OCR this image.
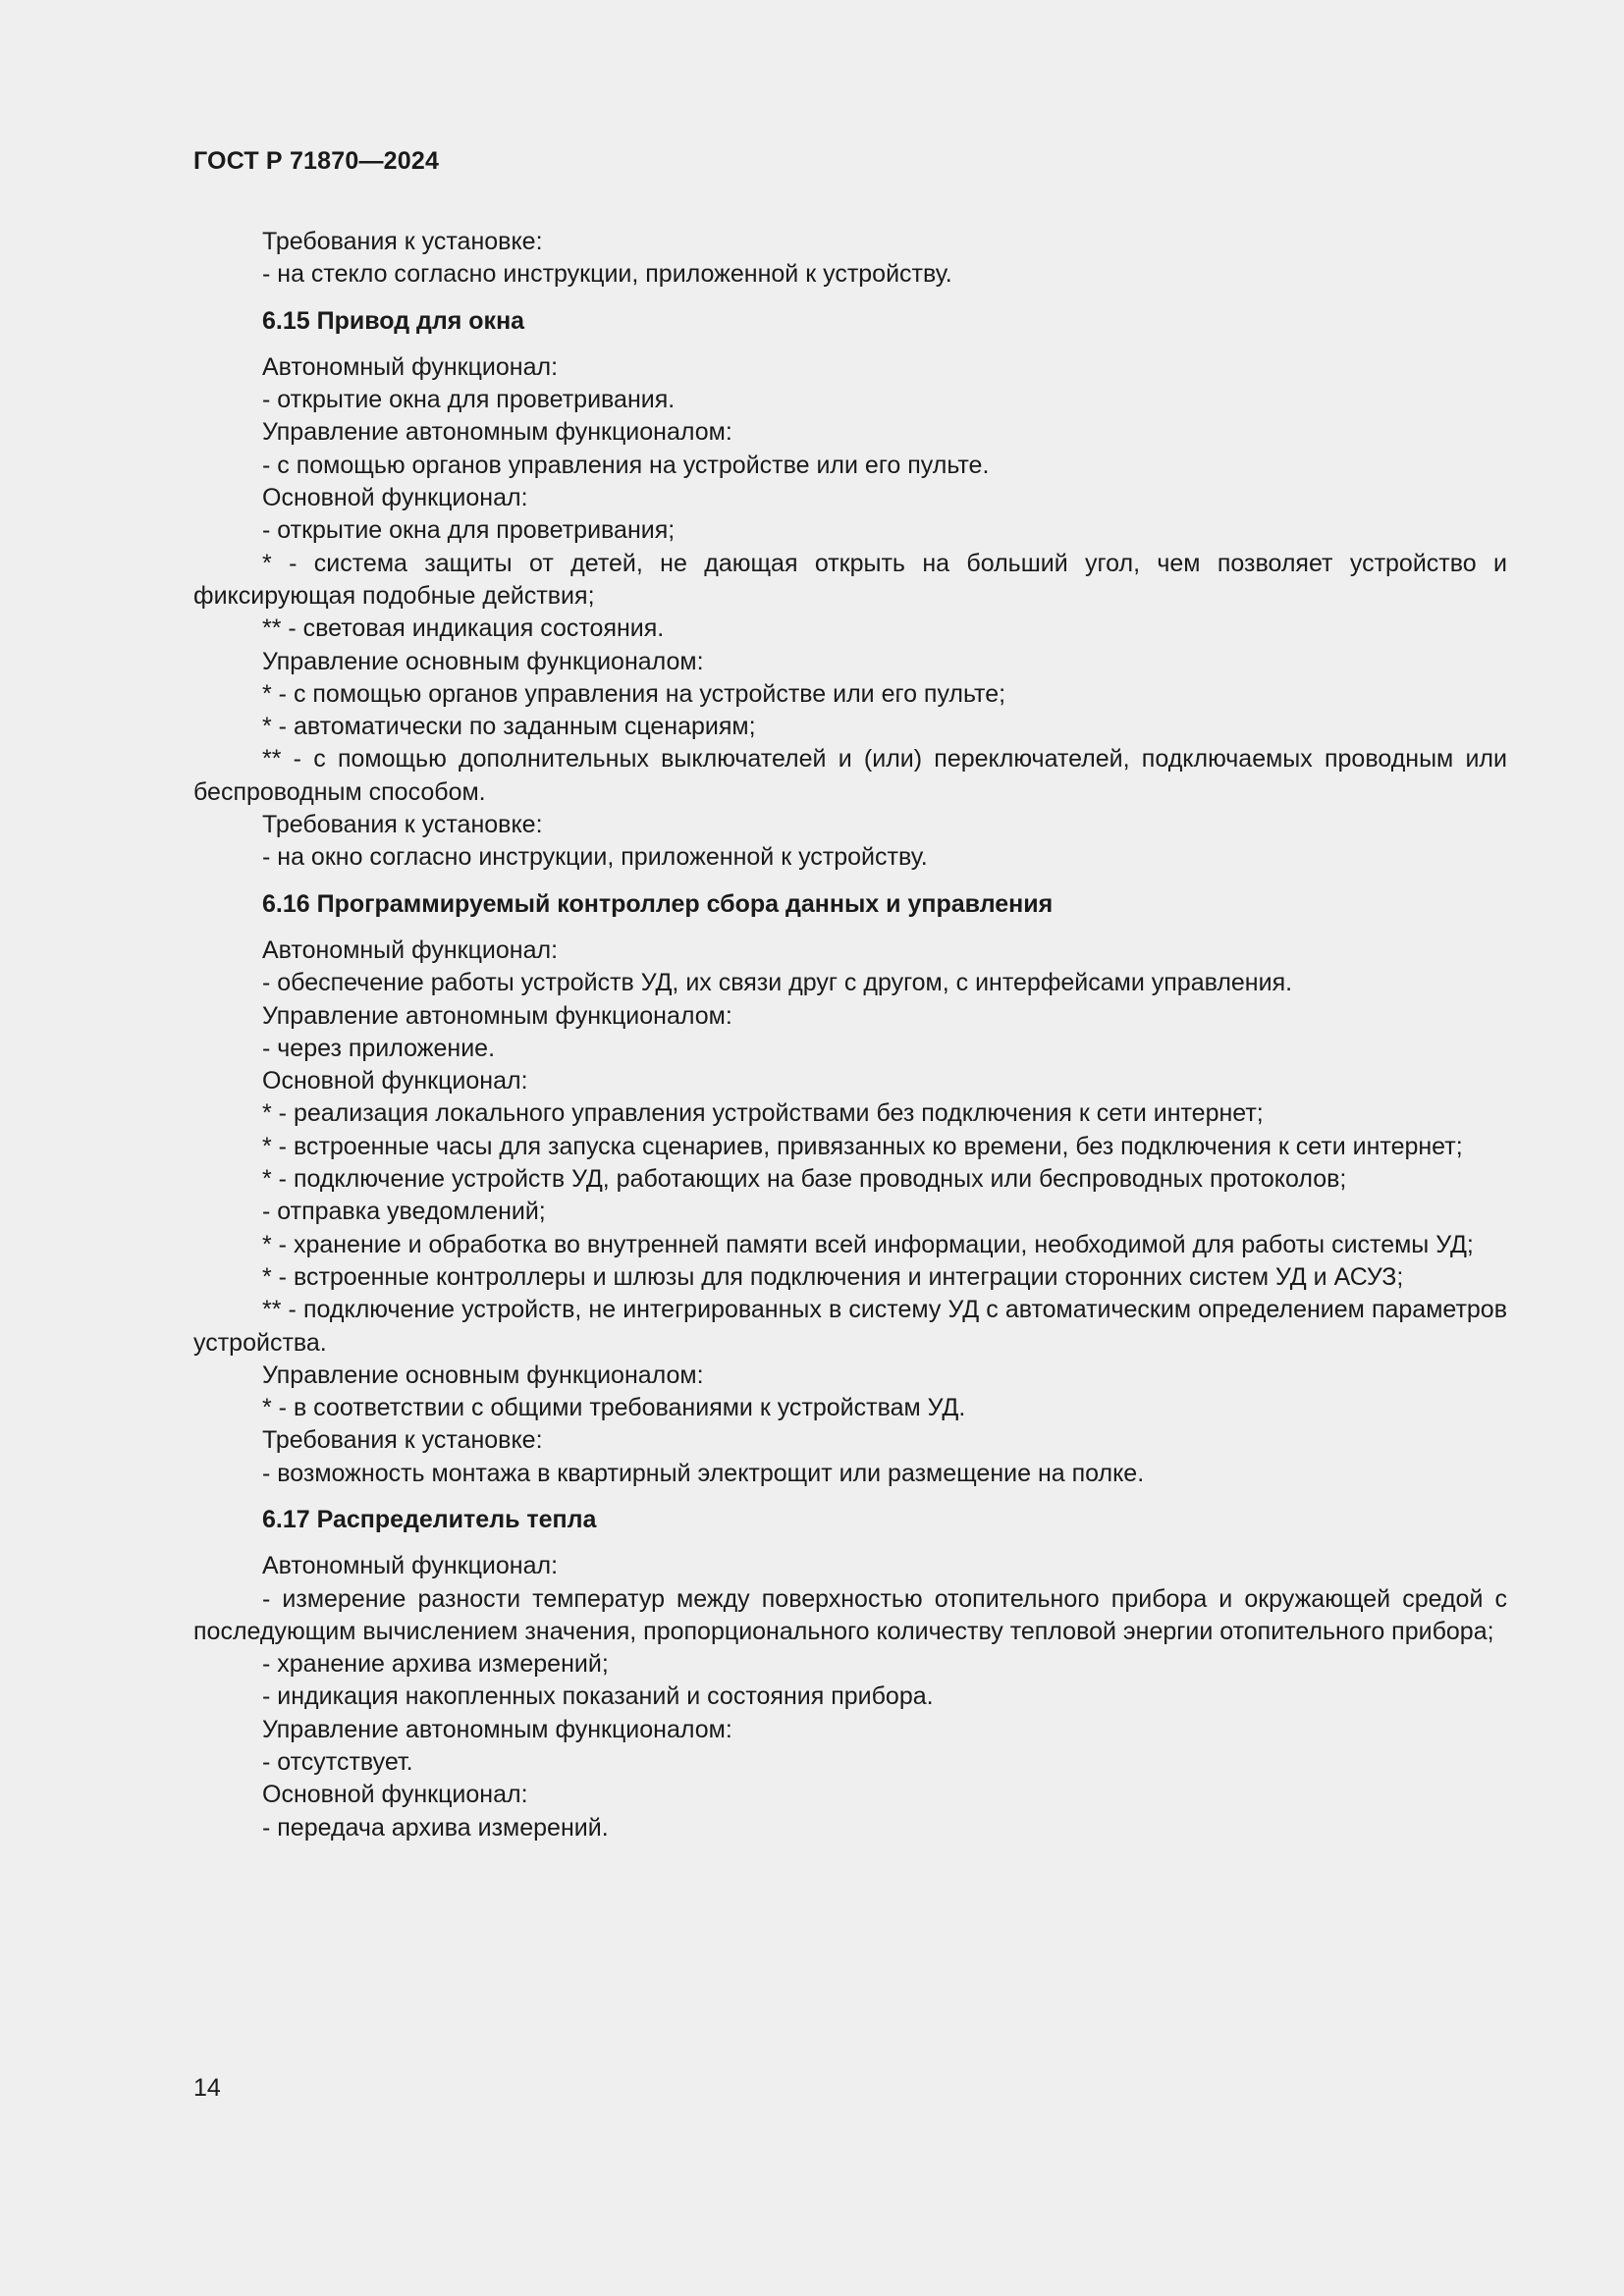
ГОСТ Р 71870—2024

Требования к установке:

- на стекло согласно инструкции, приложенной к устройству.

6.15 Привод для окна

Автономный функционал:

- открытие окна для проветривания.

Управление автономным функционалом:

- с помощью органов управления на устройстве или его пульте.

Основной функционал:

- открытие окна для проветривания;

* - система защиты от детей, не дающая открыть на больший угол, чем позволяет устройство и фиксирующая подобные действия;

** - световая индикация состояния.

Управление основным функционалом:

* - с помощью органов управления на устройстве или его пульте;

* - автоматически по заданным сценариям;

** - с помощью дополнительных выключателей и (или) переключателей, подключаемых проводным или беспроводным способом.

Требования к установке:

- на окно согласно инструкции, приложенной к устройству.

6.16 Программируемый контроллер сбора данных и управления

Автономный функционал:

- обеспечение работы устройств УД, их связи друг с другом, с интерфейсами управления.

Управление автономным функционалом:

- через приложение.

Основной функционал:

* - реализация локального управления устройствами без подключения к сети интернет;

* - встроенные часы для запуска сценариев, привязанных ко времени, без подключения к сети интернет;

* - подключение устройств УД, работающих на базе проводных или беспроводных протоколов;

- отправка уведомлений;

* - хранение и обработка во внутренней памяти всей информации, необходимой для работы системы УД;

* - встроенные контроллеры и шлюзы для подключения и интеграции сторонних систем УД и АСУЗ;

** - подключение устройств, не интегрированных в систему УД с автоматическим определением параметров устройства.

Управление основным функционалом:

* - в соответствии с общими требованиями к устройствам УД.

Требования к установке:

- возможность монтажа в квартирный электрощит или размещение на полке.

6.17 Распределитель тепла

Автономный функционал:

- измерение разности температур между поверхностью отопительного прибора и окружающей средой с последующим вычислением значения, пропорционального количеству тепловой энергии отопительного прибора;

- хранение архива измерений;

- индикация накопленных показаний и состояния прибора.

Управление автономным функционалом:

- отсутствует.

Основной функционал:

- передача архива измерений.

14
